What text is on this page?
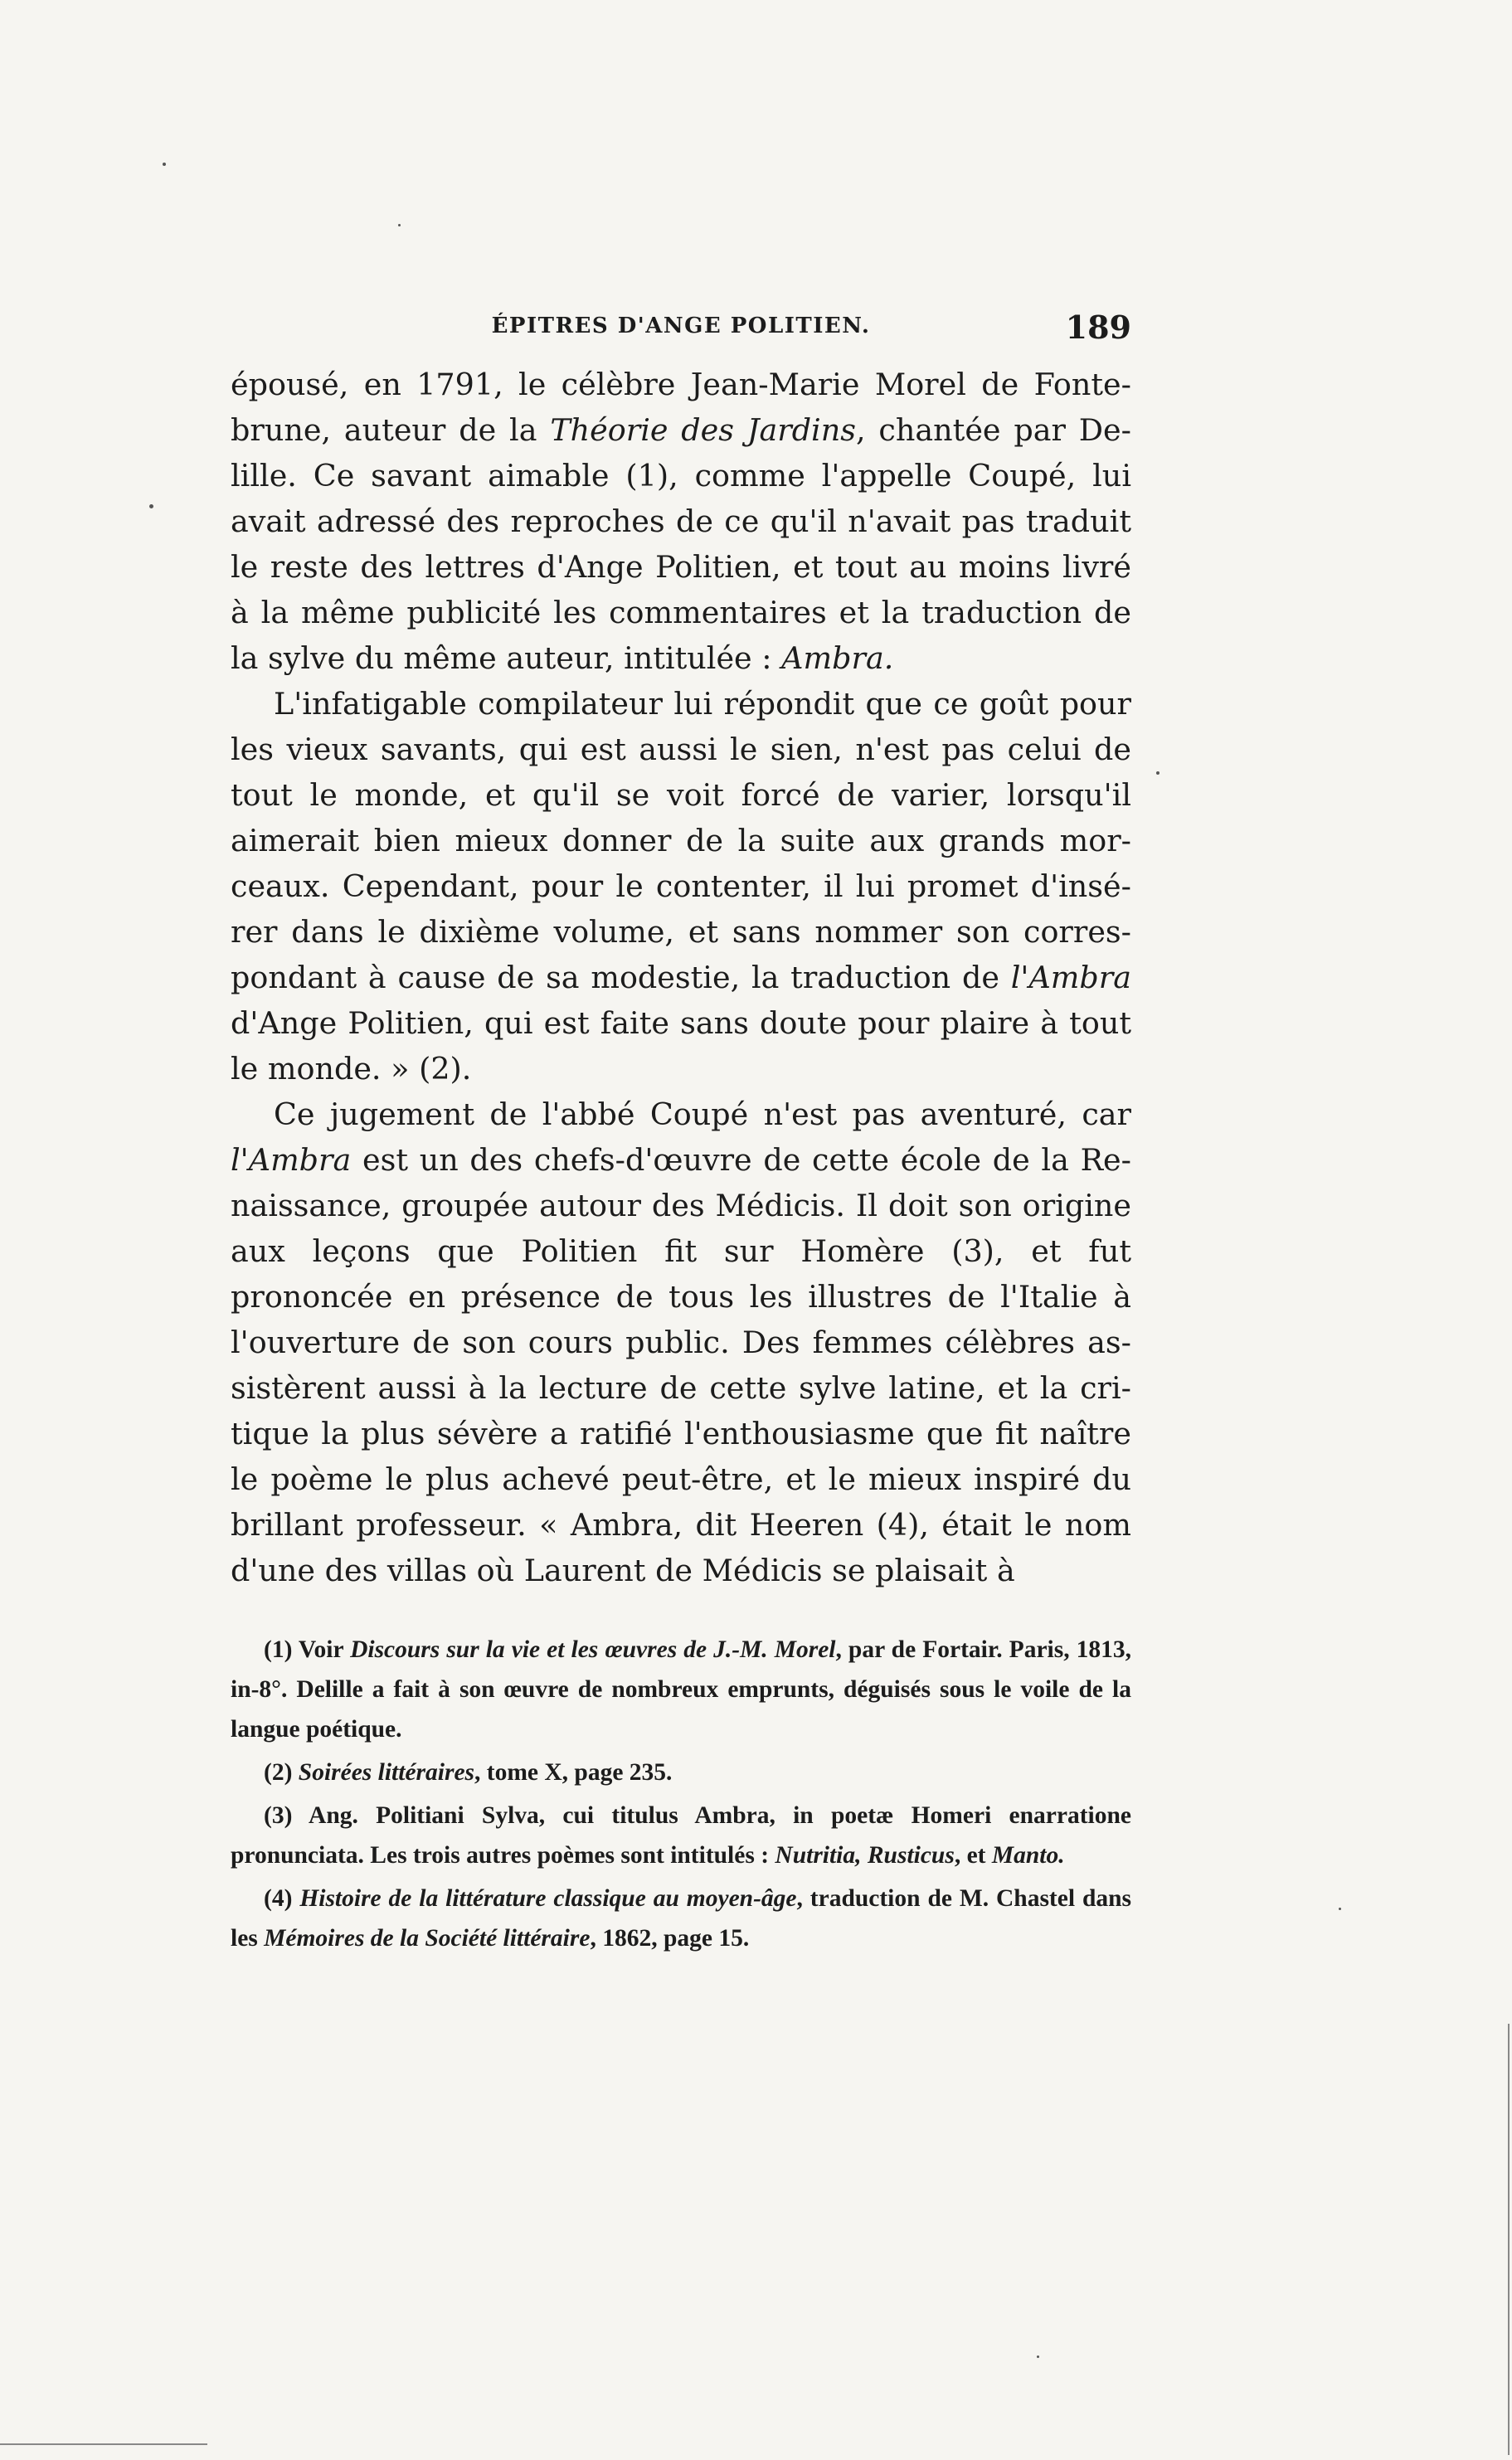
ÉPITRES D'ANGE POLITIEN.	189

épousé, en 1791, le célèbre Jean-Marie Morel de Fontebrune, auteur de la Théorie des Jardins, chantée par Delille. Ce savant aimable (1), comme l'appelle Coupé, lui avait adressé des reproches de ce qu'il n'avait pas traduit le reste des lettres d'Ange Politien, et tout au moins livré à la même publicité les commentaires et la traduction de la sylve du même auteur, intitulée : Ambra.

L'infatigable compilateur lui répondit que ce goût pour les vieux savants, qui est aussi le sien, n'est pas celui de tout le monde, et qu'il se voit forcé de varier, lorsqu'il aimerait bien mieux donner de la suite aux grands morceaux. Cependant, pour le contenter, il lui promet d'insérer dans le dixième volume, et sans nommer son correspondant à cause de sa modestie, la traduction de l'Ambra d'Ange Politien, qui est faite sans doute pour plaire à tout le monde. » (2).

Ce jugement de l'abbé Coupé n'est pas aventuré, car l'Ambra est un des chefs-d'œuvre de cette école de la Renaissance, groupée autour des Médicis. Il doit son origine aux leçons que Politien fit sur Homère (3), et fut prononcée en présence de tous les illustres de l'Italie à l'ouverture de son cours public. Des femmes célèbres assistèrent aussi à la lecture de cette sylve latine, et la critique la plus sévère a ratifié l'enthousiasme que fit naître le poème le plus achevé peut-être, et le mieux inspiré du brillant professeur. « Ambra, dit Heeren (4), était le nom d'une des villas où Laurent de Médicis se plaisait à

(1) Voir Discours sur la vie et les œuvres de J.-M. Morel, par de Fortair. Paris, 1813, in-8°. Delille a fait à son œuvre de nombreux emprunts, déguisés sous le voile de la langue poétique.

(2) Soirées littéraires, tome X, page 235.

(3) Ang. Politiani Sylva, cui titulus Ambra, in poetæ Homeri enarratione pronunciata. Les trois autres poèmes sont intitulés : Nutritia, Rusticus, et Manto.

(4) Histoire de la littérature classique au moyen-âge, traduction de M. Chastel dans les Mémoires de la Société littéraire, 1862, page 15.
